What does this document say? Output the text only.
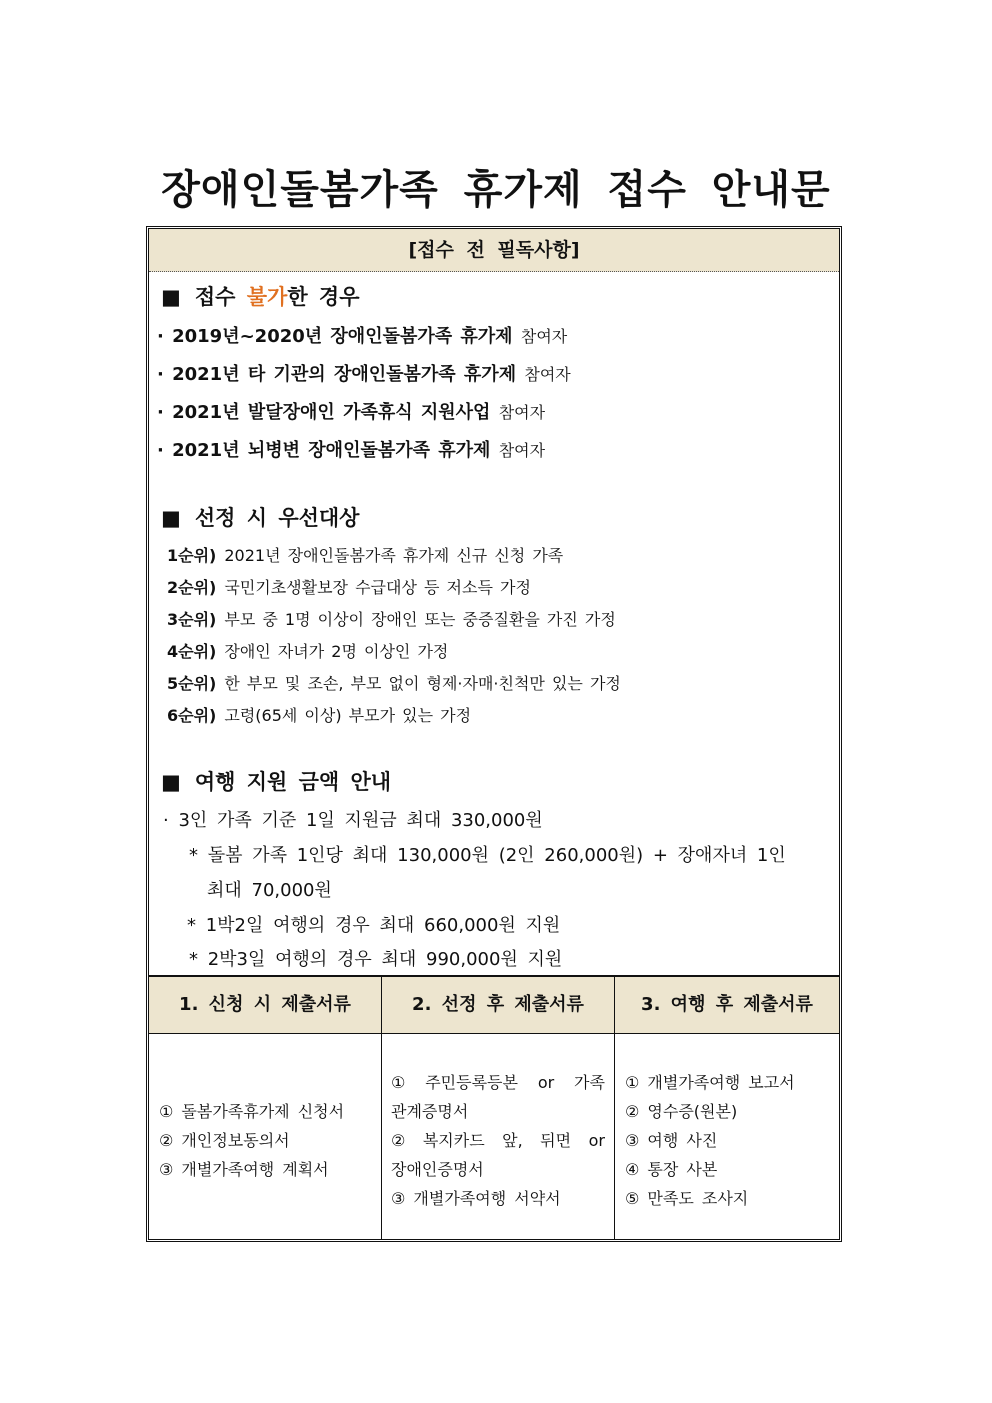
장애인돌봄가족 휴가제 접수 안내문
[접수 전 필독사항]
■ 접수 불가한 경우
· 2019년~2020년 장애인돌봄가족 휴가제 참여자
· 2021년 타 기관의 장애인돌봄가족 휴가제 참여자
· 2021년 발달장애인 가족휴식 지원사업 참여자
· 2021년 뇌병변 장애인돌봄가족 휴가제 참여자
■ 선정 시 우선대상
1순위) 2021년 장애인돌봄가족 휴가제 신규 신청 가족
2순위) 국민기초생활보장 수급대상 등 저소득 가정
3순위) 부모 중 1명 이상이 장애인 또는 중증질환을 가진 가정
4순위) 장애인 자녀가 2명 이상인 가정
5순위) 한 부모 및 조손, 부모 없이 형제·자매·친척만 있는 가정
6순위) 고령(65세 이상) 부모가 있는 가정
■ 여행 지원 금액 안내
· 3인 가족 기준 1일 지원금 최대 330,000원
* 돌봄 가족 1인당 최대 130,000원 (2인 260,000원) + 장애자녀 1인
최대 70,000원
* 1박2일 여행의 경우 최대 660,000원 지원
* 2박3일 여행의 경우 최대 990,000원 지원
1. 신청 시 제출서류	2. 선정 후 제출서류	3. 여행 후 제출서류
① 돌봄가족휴가제 신청서
② 개인정보동의서
③ 개별가족여행 계획서
① 주민등록등본 or 가족
관계증명서
② 복지카드 앞, 뒤면 or
장애인증명서
③ 개별가족여행 서약서
① 개별가족여행 보고서
② 영수증(원본)
③ 여행 사진
④ 통장 사본
⑤ 만족도 조사지
